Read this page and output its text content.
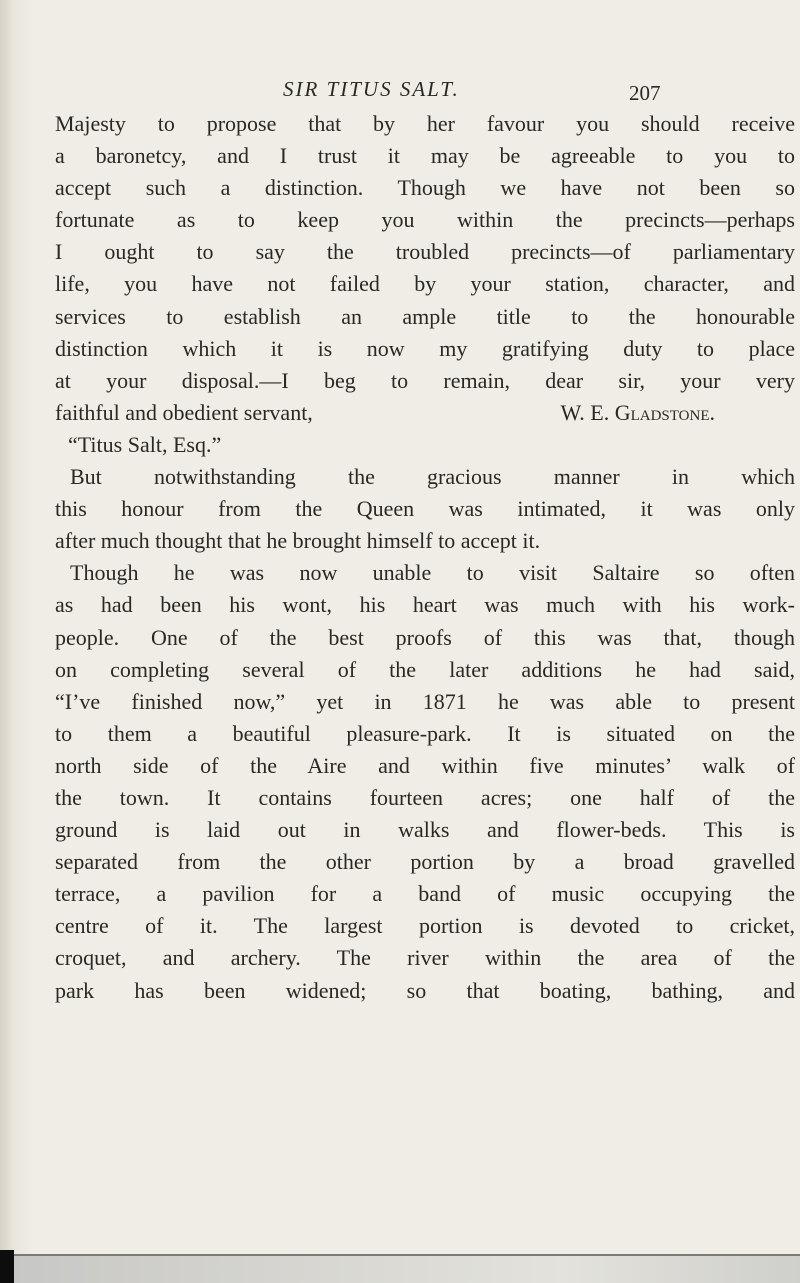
SIR TITUS SALT.	207
Majesty to propose that by her favour you should receive
a baronetcy, and I trust it may be agreeable to you to
accept such a distinction. Though we have not been so
fortunate as to keep you within the precincts—perhaps
I ought to say the troubled precincts—of parliamentary
life, you have not failed by your station, character, and
services to establish an ample title to the honourable
distinction which it is now my gratifying duty to place
at your disposal.—I beg to remain, dear sir, your very
faithful and obedient servant,	W. E. Gladstone.
“Titus Salt, Esq.”
But notwithstanding the gracious manner in which
this honour from the Queen was intimated, it was only
after much thought that he brought himself to accept it.
Though he was now unable to visit Saltaire so often
as had been his wont, his heart was much with his work-
people. One of the best proofs of this was that, though
on completing several of the later additions he had said,
“I’ve finished now,” yet in 1871 he was able to present
to them a beautiful pleasure-park. It is situated on the
north side of the Aire and within five minutes’ walk of
the town. It contains fourteen acres; one half of the
ground is laid out in walks and flower-beds. This is
separated from the other portion by a broad gravelled
terrace, a pavilion for a band of music occupying the
centre of it. The largest portion is devoted to cricket,
croquet, and archery. The river within the area of the
park has been widened; so that boating, bathing, and
